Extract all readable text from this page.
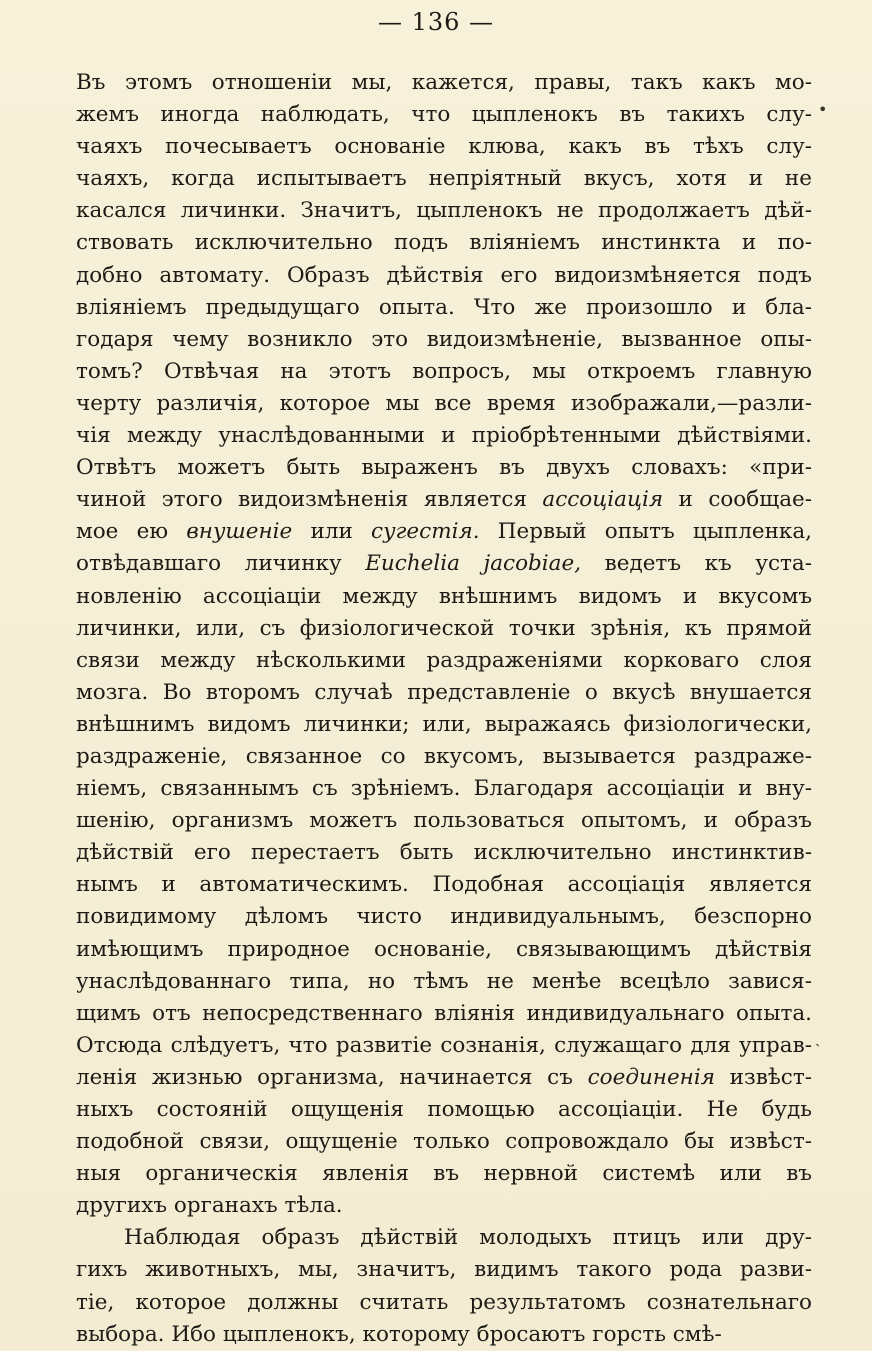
— 136 —
Въ этомъ отношеніи мы, кажется, правы, такъ какъ мо-
жемъ иногда наблюдать, что цыпленокъ въ такихъ слу-
чаяхъ почесываетъ основаніе клюва, какъ въ тѣхъ слу-
чаяхъ, когда испытываетъ непріятный вкусъ, хотя и не
касался личинки. Значитъ, цыпленокъ не продолжаетъ дѣй-
ствовать исключительно подъ вліяніемъ инстинкта и по-
добно автомату. Образъ дѣйствія его видоизмѣняется подъ
вліяніемъ предыдущаго опыта. Что же произошло и бла-
годаря чему возникло это видоизмѣненіе, вызванное опы-
томъ? Отвѣчая на этотъ вопросъ, мы откроемъ главную
черту различія, которое мы все время изображали,—разли-
чія между унаслѣдованными и пріобрѣтенными дѣйствіями.
Отвѣтъ можетъ быть выраженъ въ двухъ словахъ: «при-
чиной этого видоизмѣненія является ассоціація и сообщае-
мое ею внушеніе или сугестія. Первый опытъ цыпленка,
отвѣдавшаго личинку Euchelia jacobiae, ведетъ къ уста-
новленію ассоціаціи между внѣшнимъ видомъ и вкусомъ
личинки, или, съ физіологической точки зрѣнія, къ прямой
связи между нѣсколькими раздраженіями корковаго слоя
мозга. Во второмъ случаѣ представленіе о вкусѣ внушается
внѣшнимъ видомъ личинки; или, выражаясь физіологически,
раздраженіе, связанное со вкусомъ, вызывается раздраже-
ніемъ, связаннымъ съ зрѣніемъ. Благодаря ассоціаціи и вну-
шенію, организмъ можетъ пользоваться опытомъ, и образъ
дѣйствій его перестаетъ быть исключительно инстинктив-
нымъ и автоматическимъ. Подобная ассоціація является
повидимому дѣломъ чисто индивидуальнымъ, безспорно
имѣющимъ природное основаніе, связывающимъ дѣйствія
унаслѣдованнаго типа, но тѣмъ не менѣе всецѣло завися-
щимъ отъ непосредственнаго вліянія индивидуальнаго опыта.
Отсюда слѣдуетъ, что развитіе сознанія, служащаго для управ-
ленія жизнью организма, начинается съ соединенія извѣст-
ныхъ состояній ощущенія помощью ассоціаціи. Не будь
подобной связи, ощущеніе только сопровождало бы извѣст-
ныя органическія явленія въ нервной системѣ или въ
другихъ органахъ тѣла.
Наблюдая образъ дѣйствій молодыхъ птицъ или дру-
гихъ животныхъ, мы, значитъ, видимъ такого рода разви-
тіе, которое должны считать результатомъ сознательнаго
выбора. Ибо цыпленокъ, которому бросаютъ горсть смѣ-
•
ˎ
